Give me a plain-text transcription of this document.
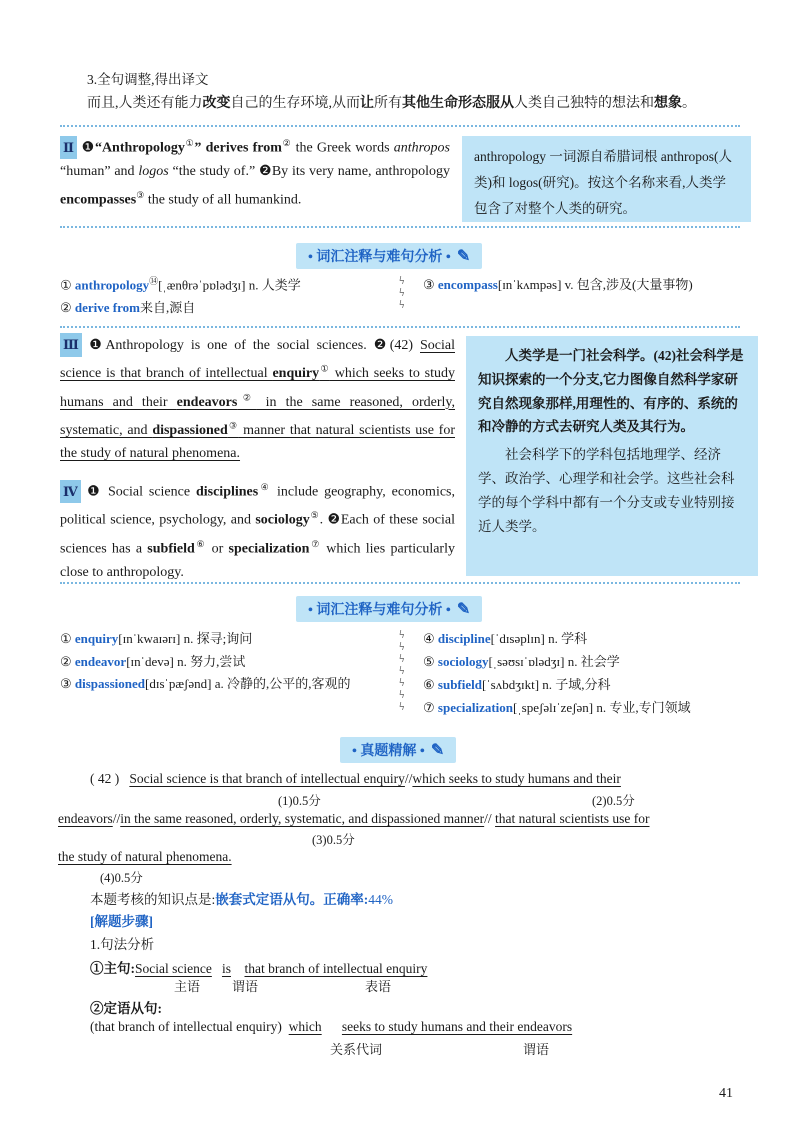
3.全句调整,得出译文
而且,人类还有能力改变自己的生存环境,从而让所有其他生命形态服从人类自己独特的想法和想象。
Ⅱ ❶“Anthropology①” derives from② the Greek words anthropos “human” and logos “the study of.” ❷By its very name, anthropology encompasses③ the study of all humankind.
anthropology 一词源自希腊词根 anthropos(人类)和 logos(研究)。按这个名称来看,人类学包含了对整个人类的研究。
• 词汇注释与难句分析 • ✎
① anthropology⑭[ˌænθrəˈpɒlədʒɪ] n. 人类学
② derive from来自,源自
ϟ
ϟ
ϟ
③ encompass[ɪnˈkʌmpəs] v. 包含,涉及(大量事物)
Ⅲ ❶Anthropology is one of the social sciences. ❷(42) Social science is that branch of intellectual enquiry① which seeks to study humans and their endeavors② in the same reasoned, orderly, systematic, and dispassioned③ manner that natural scientists use for the study of natural phenomena.
Ⅳ ❶ Social science disciplines④ include geography, economics, political science, psychology, and sociology⑤. ❷Each of these social sciences has a subfield⑥ or specialization⑦ which lies particularly close to anthropology.
人类学是一门社会科学。(42)社会科学是知识探索的一个分支,它力图像自然科学家研究自然现象那样,用理性的、有序的、系统的和冷静的方式去研究人类及其行为。
社会科学下的学科包括地理学、经济学、政治学、心理学和社会学。这些社会科学的每个学科中都有一个分支或专业特别接近人类学。
• 词汇注释与难句分析 • ✎
① enquiry[ɪnˈkwaɪərɪ] n. 探寻;询问
② endeavor[ɪnˈdevə] n. 努力,尝试
③ dispassioned[dɪsˈpæʃənd] a. 冷静的,公平的,客观的
ϟ
ϟ
ϟ
ϟ
ϟ
ϟ
ϟ
④ discipline[ˈdɪsəplɪn] n. 学科
⑤ sociology[ˌsəʊsɪˈɒlədʒɪ] n. 社会学
⑥ subfield[ˈsʌbdʒɪkt] n. 子域,分科
⑦ specialization[ˌspeʃəlɪˈzeʃən] n. 专业,专门领域
• 真题精解 • ✎
( 42 ) Social science is that branch of intellectual enquiry//which seeks to study humans and their
(1)0.5分	(2)0.5分
endeavors//in the same reasoned, orderly, systematic, and dispassioned manner// that natural scientists use for
(3)0.5分
the study of natural phenomena.
(4)0.5分
本题考核的知识点是:嵌套式定语从句。正确率:44%
[解题步骤]
1.句法分析
①主句:Social science is that branch of intellectual enquiry
主语 谓语	表语
②定语从句:
(that branch of intellectual enquiry) which seeks to study humans and their endeavors
关系代词	谓语
41
